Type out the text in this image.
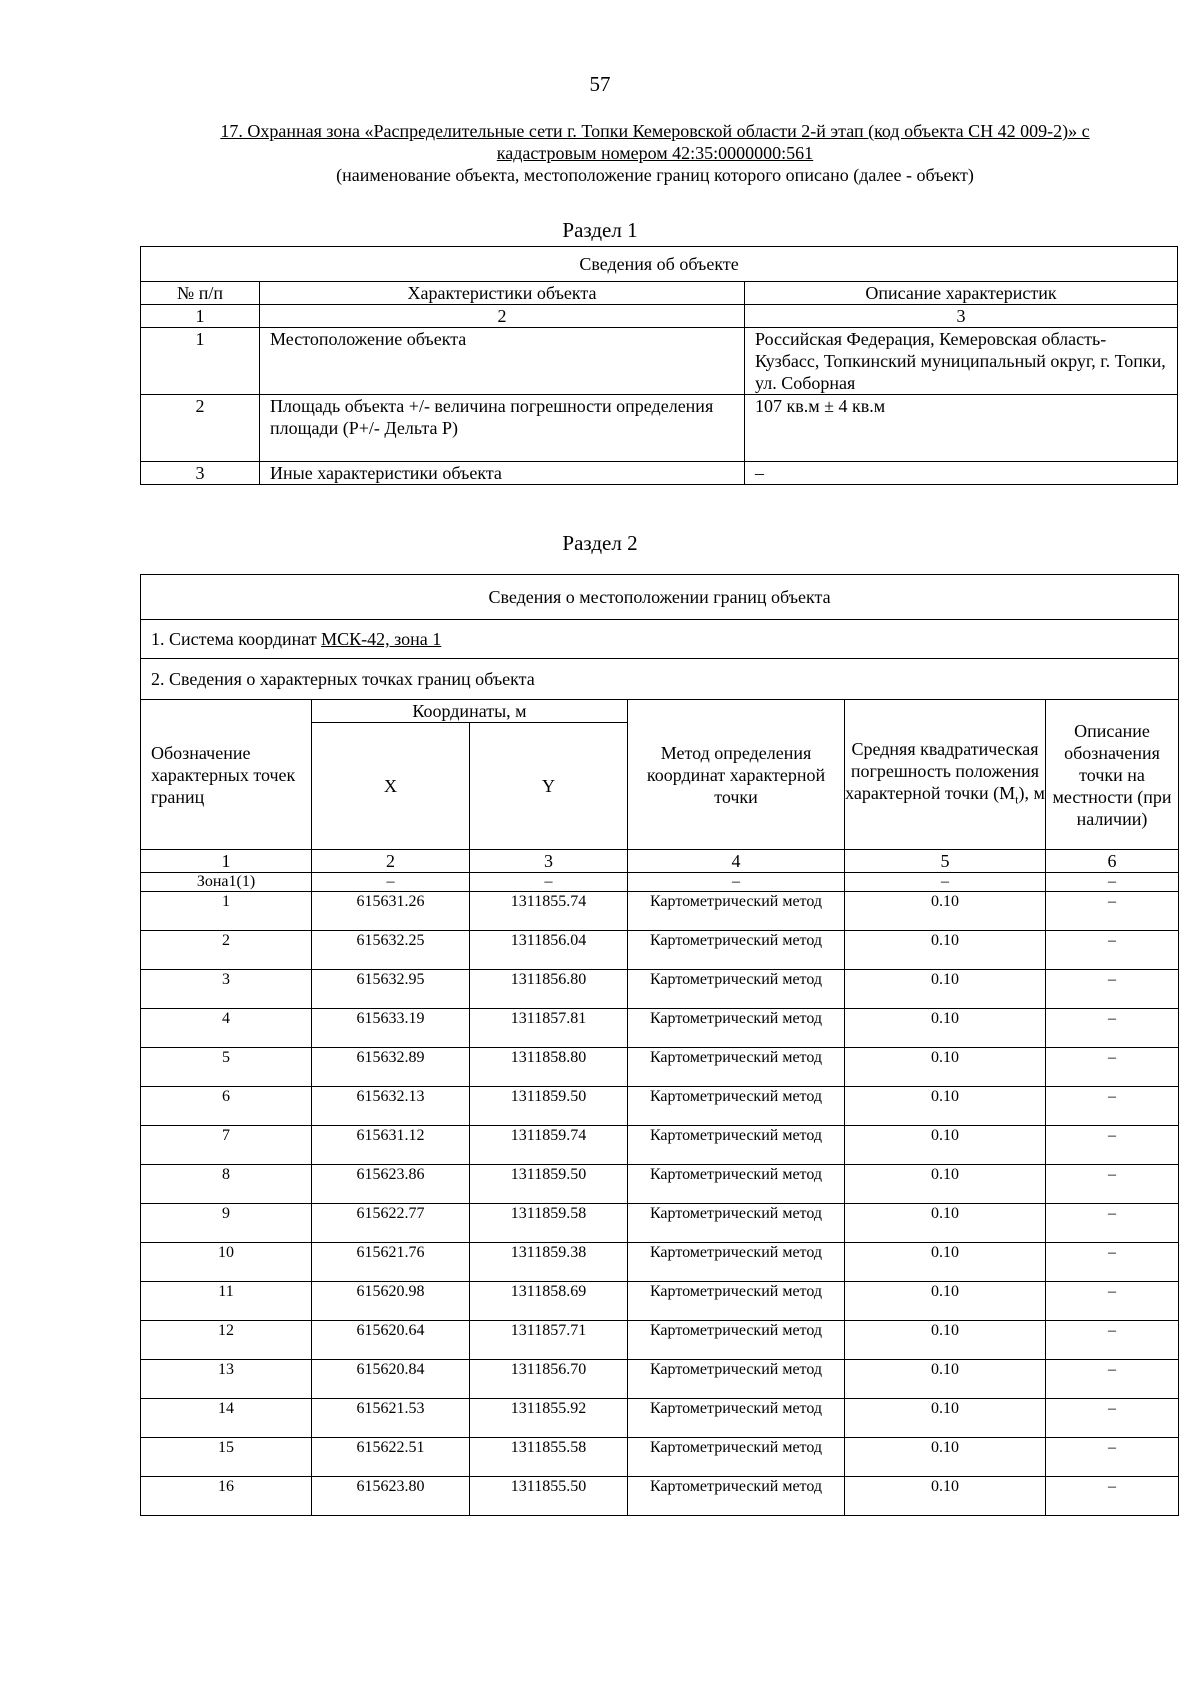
57
17. Охранная зона «Распределительные сети г. Топки Кемеровской области 2-й этап (код объекта СН 42 009-2)» с
кадастровым номером 42:35:0000000:561
(наименование объекта, местоположение границ которого описано (далее - объект)
Раздел 1
Сведения об объекте		
№ п/п	Характеристики объекта	Описание характеристик
1	2	3
1	Местоположение объекта	Российская Федерация, Кемеровская область-Кузбасс, Топкинский муниципальный округ, г. Топки, ул. Соборная
2	Площадь объекта +/- величина погрешности определения площади (P+/- Дельта P)	107 кв.м ± 4 кв.м
3	Иные характеристики объекта	–
Раздел 2
Сведения о местоположении границ объекта					
1. Система координат МСК-42, зона 1					
2. Сведения о характерных точках границ объекта					
Обозначение характерных точек границ	Координаты, м		Метод определения координат характерной точки	Средняя квадратическая погрешность положения характерной точки $(M_t)$, м	Описание обозначения точки на местности (при наличии)
	X	Y			
1	2	3	4	5	6
Зона1(1)	–	–	–	–	–
1	615631.26	1311855.74	Картометрический метод	0.10	–
2	615632.25	1311856.04	Картометрический метод	0.10	–
3	615632.95	1311856.80	Картометрический метод	0.10	–
4	615633.19	1311857.81	Картометрический метод	0.10	–
5	615632.89	1311858.80	Картометрический метод	0.10	–
6	615632.13	1311859.50	Картометрический метод	0.10	–
7	615631.12	1311859.74	Картометрический метод	0.10	–
8	615623.86	1311859.50	Картометрический метод	0.10	–
9	615622.77	1311859.58	Картометрический метод	0.10	–
10	615621.76	1311859.38	Картометрический метод	0.10	–
11	615620.98	1311858.69	Картометрический метод	0.10	–
12	615620.64	1311857.71	Картометрический метод	0.10	–
13	615620.84	1311856.70	Картометрический метод	0.10	–
14	615621.53	1311855.92	Картометрический метод	0.10	–
15	615622.51	1311855.58	Картометрический метод	0.10	–
16	615623.80	1311855.50	Картометрический метод	0.10	–
